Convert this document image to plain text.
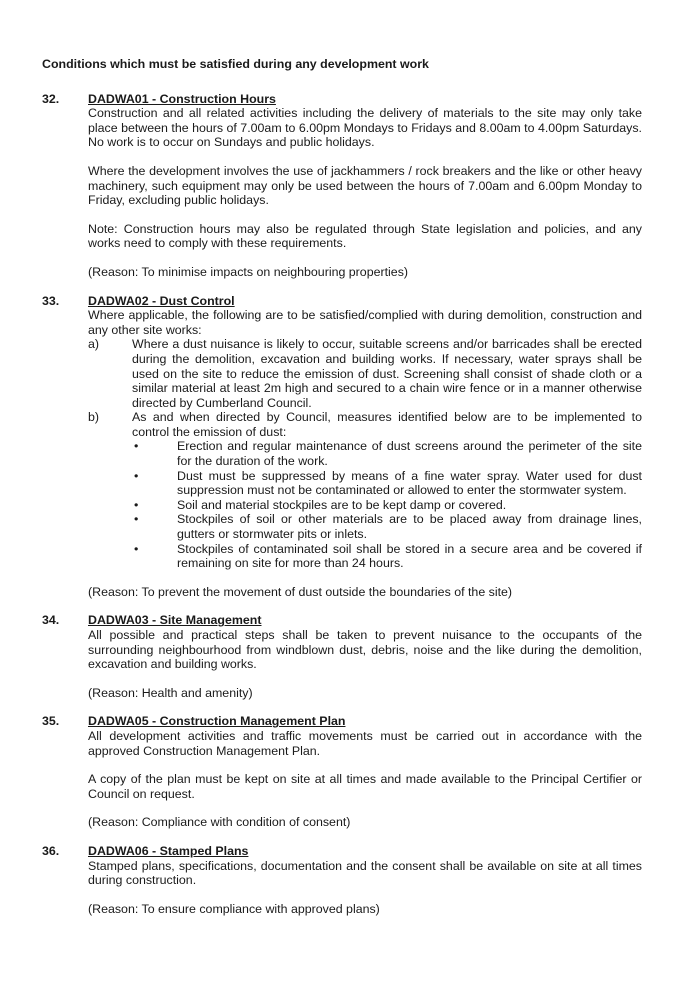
Conditions which must be satisfied during any development work
32. DADWA01 - Construction Hours

Construction and all related activities including the delivery of materials to the site may only take place between the hours of 7.00am to 6.00pm Mondays to Fridays and 8.00am to 4.00pm Saturdays. No work is to occur on Sundays and public holidays.

Where the development involves the use of jackhammers / rock breakers and the like or other heavy machinery, such equipment may only be used between the hours of 7.00am and 6.00pm Monday to Friday, excluding public holidays.

Note: Construction hours may also be regulated through State legislation and policies, and any works need to comply with these requirements.

(Reason: To minimise impacts on neighbouring properties)

33. DADWA02 - Dust Control

Where applicable, the following are to be satisfied/complied with during demolition, construction and any other site works:

a)	Where a dust nuisance is likely to occur, suitable screens and/or barricades shall be erected during the demolition, excavation and building works. If necessary, water sprays shall be used on the site to reduce the emission of dust. Screening shall consist of shade cloth or a similar material at least 2m high and secured to a chain wire fence or in a manner otherwise directed by Cumberland Council.
b)	As and when directed by Council, measures identified below are to be implemented to control the emission of dust:
•	Erection and regular maintenance of dust screens around the perimeter of the site for the duration of the work.
•	Dust must be suppressed by means of a fine water spray. Water used for dust suppression must not be contaminated or allowed to enter the stormwater system.
•	Soil and material stockpiles are to be kept damp or covered.
•	Stockpiles of soil or other materials are to be placed away from drainage lines, gutters or stormwater pits or inlets.
•	Stockpiles of contaminated soil shall be stored in a secure area and be covered if remaining on site for more than 24 hours.

(Reason: To prevent the movement of dust outside the boundaries of the site)

34. DADWA03 - Site Management

All possible and practical steps shall be taken to prevent nuisance to the occupants of the surrounding neighbourhood from windblown dust, debris, noise and the like during the demolition, excavation and building works.

(Reason: Health and amenity)

35. DADWA05 - Construction Management Plan

All development activities and traffic movements must be carried out in accordance with the approved Construction Management Plan.

A copy of the plan must be kept on site at all times and made available to the Principal Certifier or Council on request.

(Reason: Compliance with condition of consent)

36. DADWA06 - Stamped Plans

Stamped plans, specifications, documentation and the consent shall be available on site at all times during construction.

(Reason: To ensure compliance with approved plans)
